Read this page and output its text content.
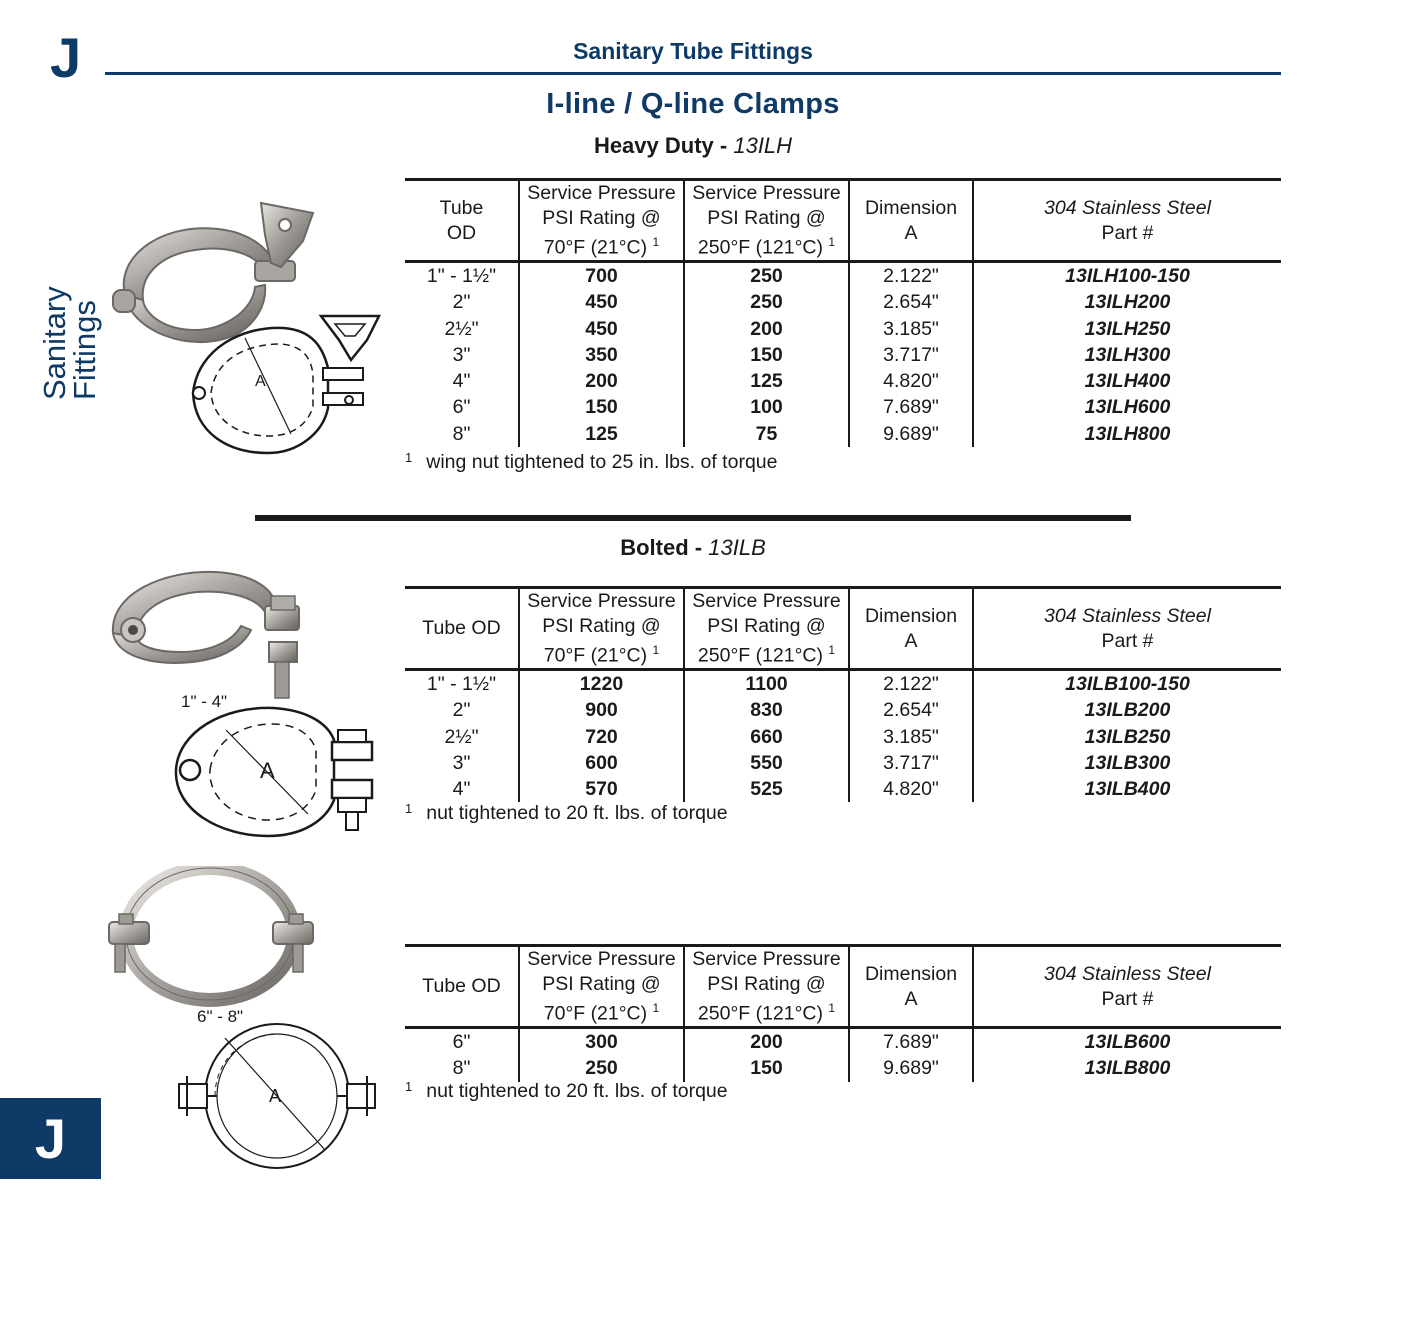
J	Sanitary Tube Fittings
I-line / Q-line Clamps
Sanitary
Fittings
J
Heavy Duty - 13ILH
A
Tube
OD	Service Pressure
PSI Rating @
70°F (21°C) $^1$	Service Pressure
PSI Rating @
250°F (121°C) $^1$	Dimension
A	304 Stainless Steel
Part #
1" - 1½"	700	250	2.122"	13ILH100-150
2"	450	250	2.654"	13ILH200
2½"	450	200	3.185"	13ILH250
3"	350	150	3.717"	13ILH300
4"	200	125	4.820"	13ILH400
6"	150	100	7.689"	13ILH600
8"	125	75	9.689"	13ILH800
$^1$ wing nut tightened to 25 in. lbs. of torque
Bolted - 13ILB
1" - 4"
A
Tube OD	Service Pressure
PSI Rating @
70°F (21°C) $^1$	Service Pressure
PSI Rating @
250°F (121°C) $^1$	Dimension
A	304 Stainless Steel
Part #
1" - 1½"	1220	1100	2.122"	13ILB100-150
2"	900	830	2.654"	13ILB200
2½"	720	660	3.185"	13ILB250
3"	600	550	3.717"	13ILB300
4"	570	525	4.820"	13ILB400
$^1$ nut tightened to 20 ft. lbs. of torque
6" - 8"
A
Tube OD	Service Pressure
PSI Rating @
70°F (21°C) $^1$	Service Pressure
PSI Rating @
250°F (121°C) $^1$	Dimension
A	304 Stainless Steel
Part #
6"	300	200	7.689"	13ILB600
8"	250	150	9.689"	13ILB800
$^1$ nut tightened to 20 ft. lbs. of torque
